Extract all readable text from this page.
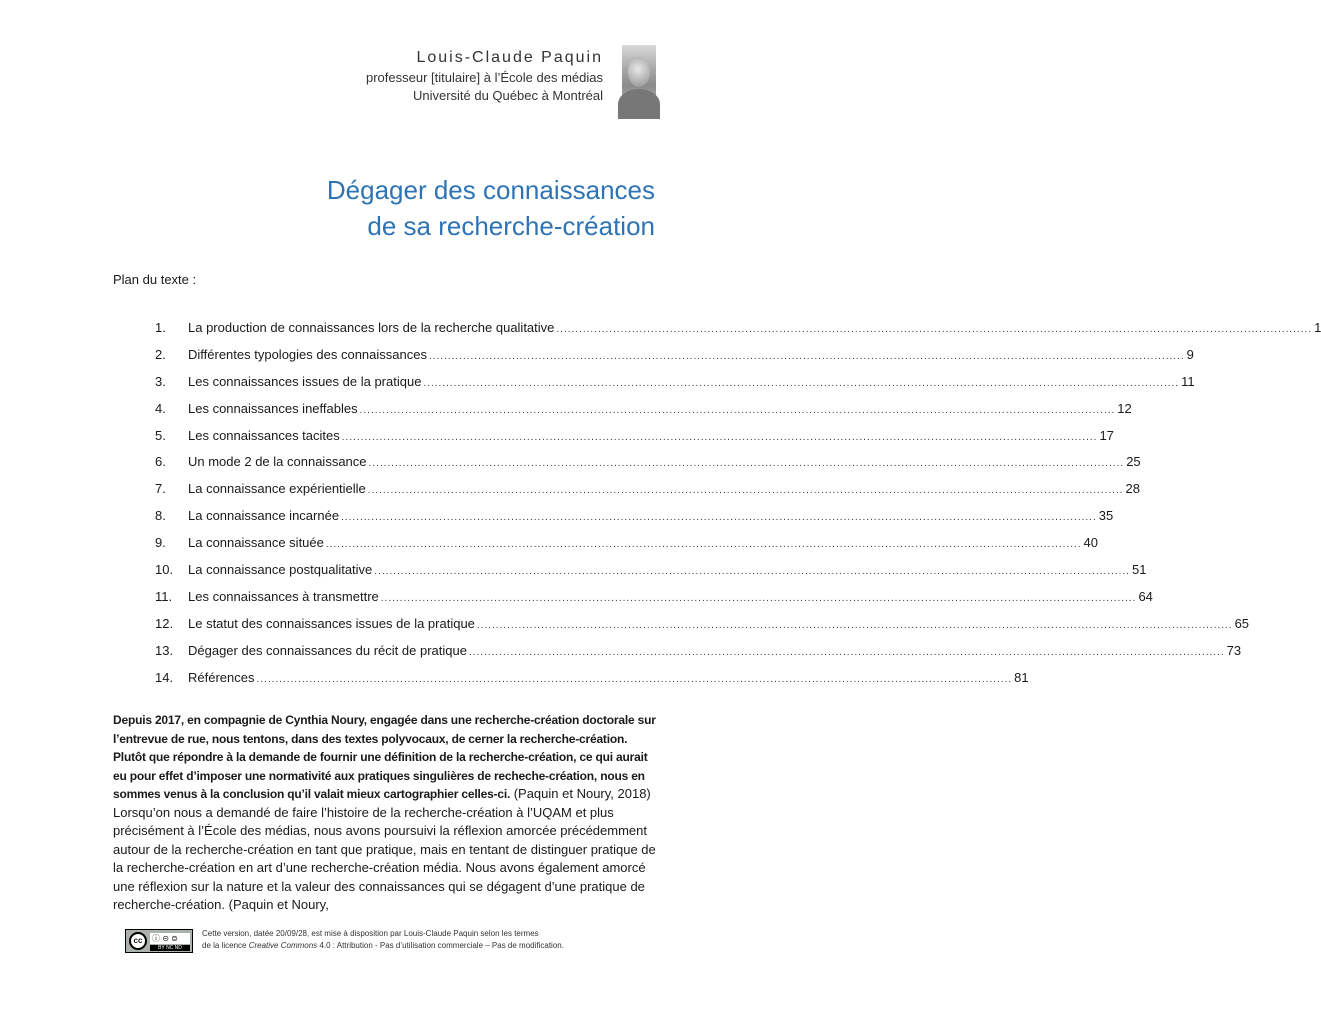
Louis-Claude Paquin
professeur [titulaire] à l’École des médias
Université du Québec à Montréal
Dégager des connaissances
de sa recherche-création
Plan du texte :
1.	La production de connaissances lors de la recherche qualitative ........................................................................................................................................................................................................ 1
2.	Différentes typologies des connaissances ........................................................................................................................................................................................................ 9
3.	Les connaissances issues de la pratique ........................................................................................................................................................................................................ 11
4.	Les connaissances ineffables ........................................................................................................................................................................................................ 12
5.	Les connaissances tacites ........................................................................................................................................................................................................ 17
6.	Un mode 2 de la connaissance ........................................................................................................................................................................................................ 25
7.	La connaissance expérientielle ........................................................................................................................................................................................................ 28
8.	La connaissance incarnée ........................................................................................................................................................................................................ 35
9.	La connaissance située ........................................................................................................................................................................................................ 40
10.	La connaissance postqualitative ........................................................................................................................................................................................................ 51
11.	Les connaissances à transmettre ........................................................................................................................................................................................................ 64
12.	Le statut des connaissances issues de la pratique ........................................................................................................................................................................................................ 65
13.	Dégager des connaissances du récit de pratique ........................................................................................................................................................................................................ 73
14.	Références ........................................................................................................................................................................................................ 81
Depuis 2017, en compagnie de Cynthia Noury, engagée dans une recherche-création doctorale sur l’entrevue de rue, nous tentons, dans des textes polyvocaux, de cerner la recherche-création. Plutôt que répondre à la demande de fournir une définition de la recherche-création, ce qui aurait eu pour effet d’imposer une normativité aux pratiques singulières de recheche-création, nous en sommes venus à la conclusion qu’il valait mieux cartographier celles-ci. (Paquin et Noury, 2018) Lorsqu’on nous a demandé de faire l’histoire de la recherche-création à l’UQAM et plus précisément à l’École des médias, nous avons poursuivi la réflexion amorcée précédemment autour de la recherche-création en tant que pratique, mais en tentant de distinguer pratique de la recherche-création en art d’une recherche-création média. Nous avons également amorcé une réflexion sur la nature et la valeur des connaissances qui se dégagent d’une pratique de recherche-création. (Paquin et Noury,
cc	ⓘ ⊝ ⊜
BY NC ND
Cette version, datée 20/09/28, est mise à disposition par Louis-Claude Paquin selon les termes
de la licence Creative Commons 4.0 : Attribution - Pas d’utilisation commerciale – Pas de modification.
